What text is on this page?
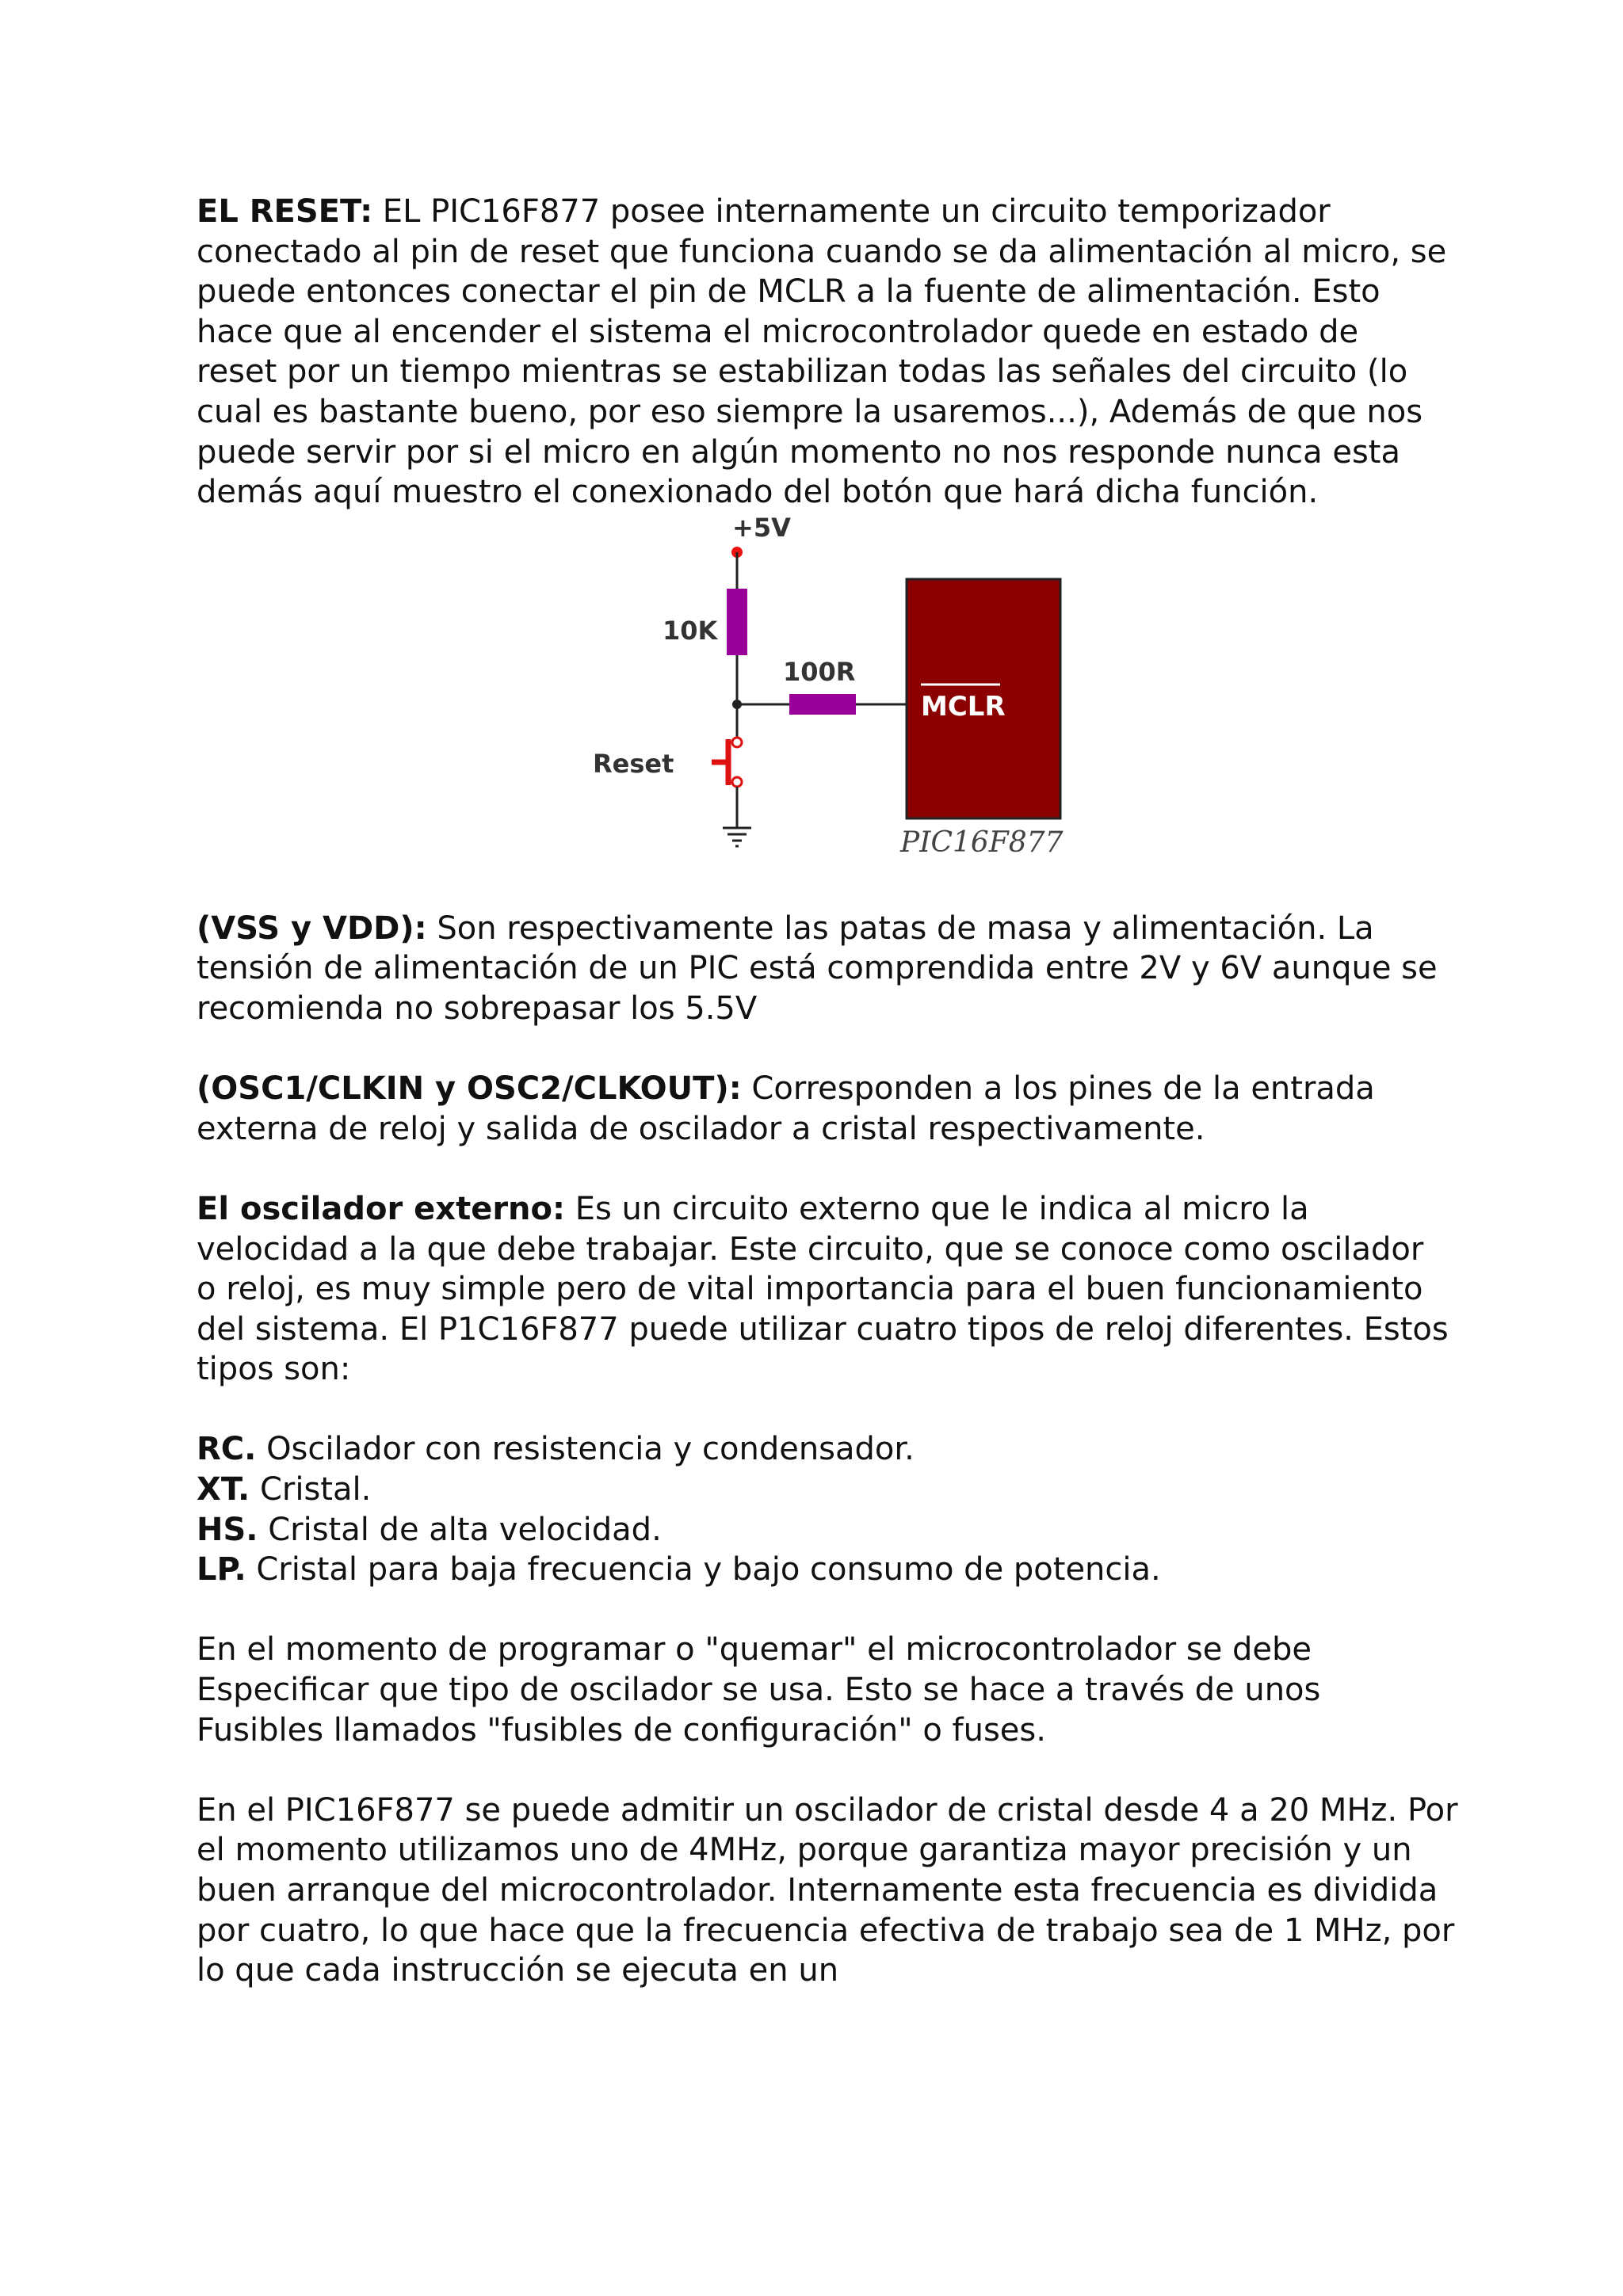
EL RESET: EL PIC16F877 posee internamente un circuito temporizador conectado al pin de reset que funciona cuando se da alimentación al micro, se puede entonces conectar el pin de MCLR a la fuente de alimentación. Esto hace que al encender el sistema el microcontrolador quede en estado de reset por un tiempo mientras se estabilizan todas las señales del circuito (lo cual es bastante bueno, por eso siempre la usaremos...), Además de que nos puede servir por si el micro en algún momento no nos responde nunca esta demás aquí muestro el conexionado del botón que hará dicha función.

+5V
10K
100R
MCLR
PIC16F877
Reset

(VSS y VDD): Son respectivamente las patas de masa y alimentación. La tensión de alimentación de un PIC está comprendida entre 2V y 6V aunque se recomienda no sobrepasar los 5.5V

(OSC1/CLKIN y OSC2/CLKOUT): Corresponden a los pines de la entrada externa de reloj y salida de oscilador a cristal respectivamente.

El oscilador externo: Es un circuito externo que le indica al micro la velocidad a la que debe trabajar. Este circuito, que se conoce como oscilador o reloj, es muy simple pero de vital importancia para el buen funcionamiento del sistema. El P1C16F877 puede utilizar cuatro tipos de reloj diferentes. Estos tipos son:

RC. Oscilador con resistencia y condensador.

XT. Cristal.

HS. Cristal de alta velocidad.

LP. Cristal para baja frecuencia y bajo consumo de potencia.

En el momento de programar o "quemar" el microcontrolador se debe Especificar que tipo de oscilador se usa. Esto se hace a través de unos Fusibles llamados "fusibles de configuración" o fuses.

En el PIC16F877 se puede admitir un oscilador de cristal desde 4 a 20 MHz. Por el momento utilizamos uno de 4MHz, porque garantiza mayor precisión y un buen arranque del microcontrolador. Internamente esta frecuencia es dividida por cuatro, lo que hace que la frecuencia efectiva de trabajo sea de 1 MHz, por lo que cada instrucción se ejecuta en un
